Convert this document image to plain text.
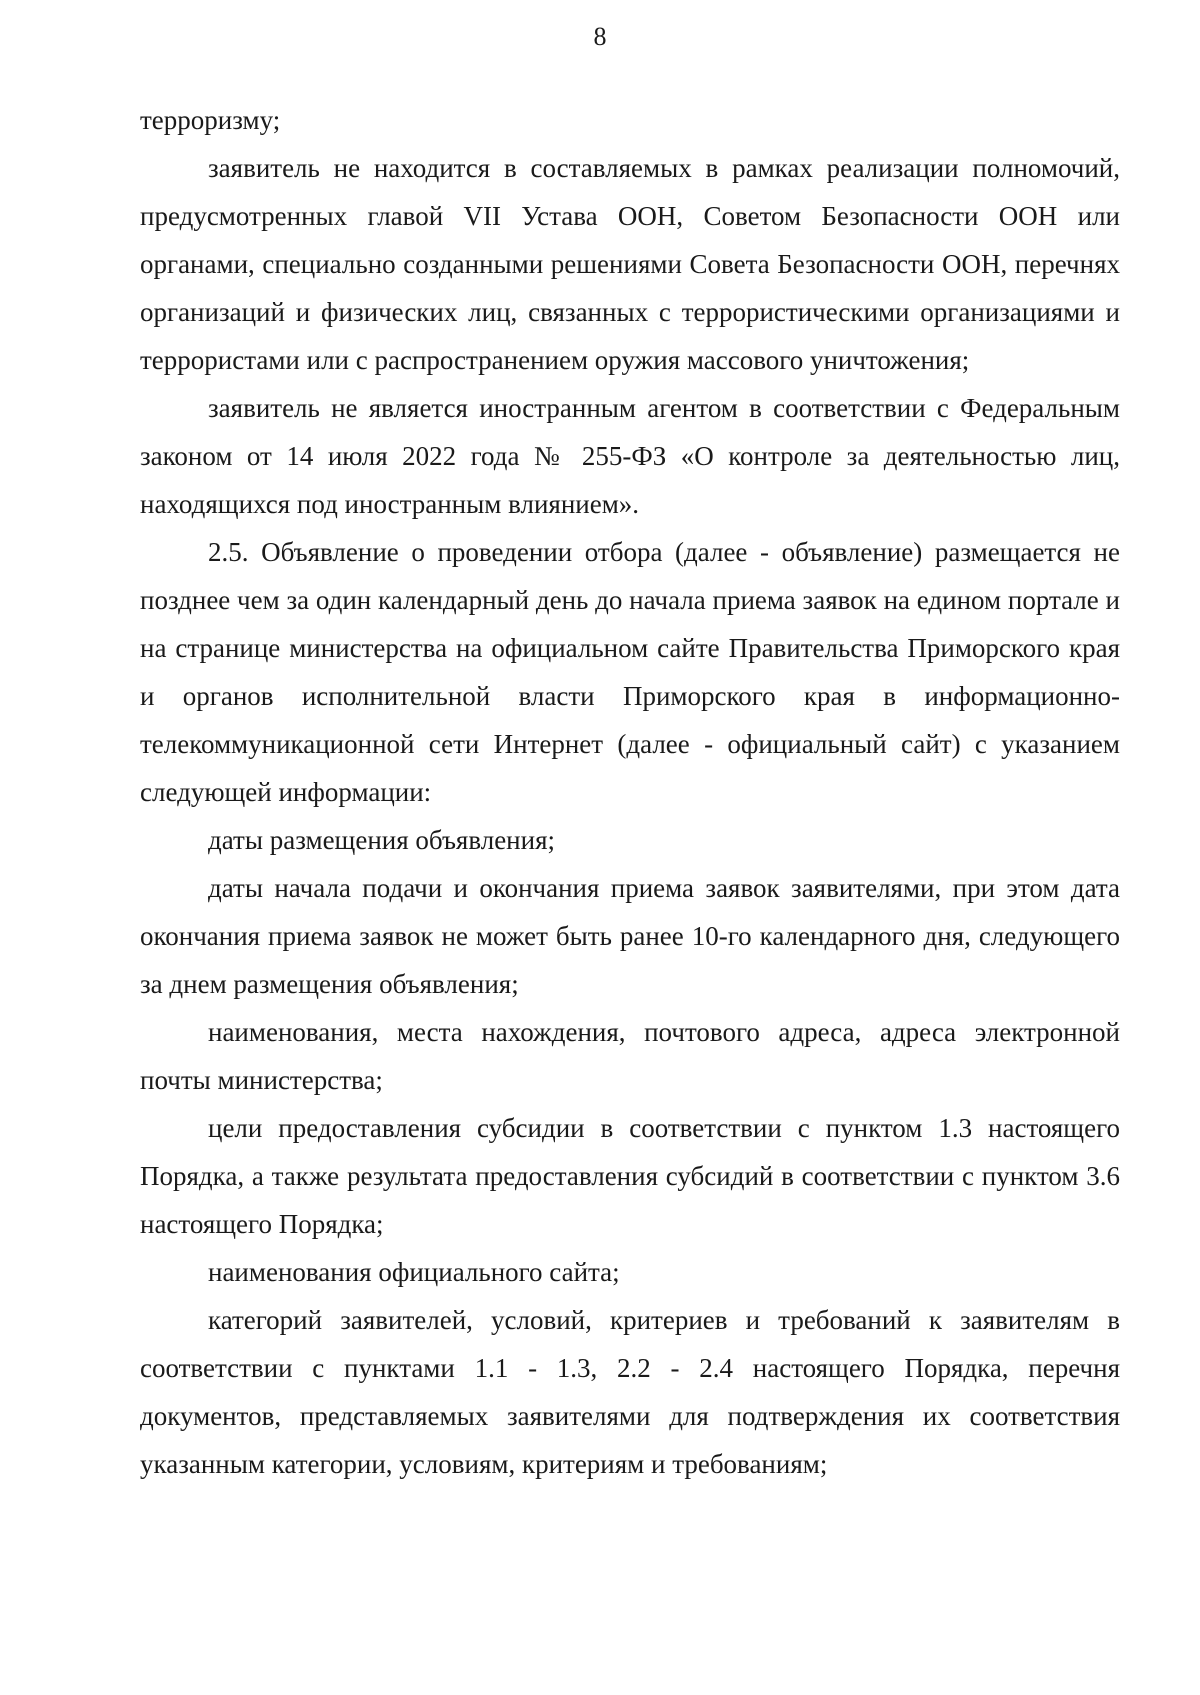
8

терроризму;

заявитель не находится в составляемых в рамках реализации полномочий, предусмотренных главой VII Устава ООН, Советом Безопасности ООН или органами, специально созданными решениями Совета Безопасности ООН, перечнях организаций и физических лиц, связанных с террористическими организациями и террористами или с распространением оружия массового уничтожения;

заявитель не является иностранным агентом в соответствии с Федеральным законом от 14 июля 2022 года № 255-ФЗ «О контроле за деятельностью лиц, находящихся под иностранным влиянием».

2.5. Объявление о проведении отбора (далее - объявление) размещается не позднее чем за один календарный день до начала приема заявок на едином портале и на странице министерства на официальном сайте Правительства Приморского края и органов исполнительной власти Приморского края в информационно-телекоммуникационной сети Интернет (далее - официальный сайт) с указанием следующей информации:

даты размещения объявления;

даты начала подачи и окончания приема заявок заявителями, при этом дата окончания приема заявок не может быть ранее 10-го календарного дня, следующего за днем размещения объявления;

наименования, места нахождения, почтового адреса, адреса электронной почты министерства;

цели предоставления субсидии в соответствии с пунктом 1.3 настоящего Порядка, а также результата предоставления субсидий в соответствии с пунктом 3.6 настоящего Порядка;

наименования официального сайта;

категорий заявителей, условий, критериев и требований к заявителям в соответствии с пунктами 1.1 - 1.3, 2.2 - 2.4 настоящего Порядка, перечня документов, представляемых заявителями для подтверждения их соответствия указанным категории, условиям, критериям и требованиям;
